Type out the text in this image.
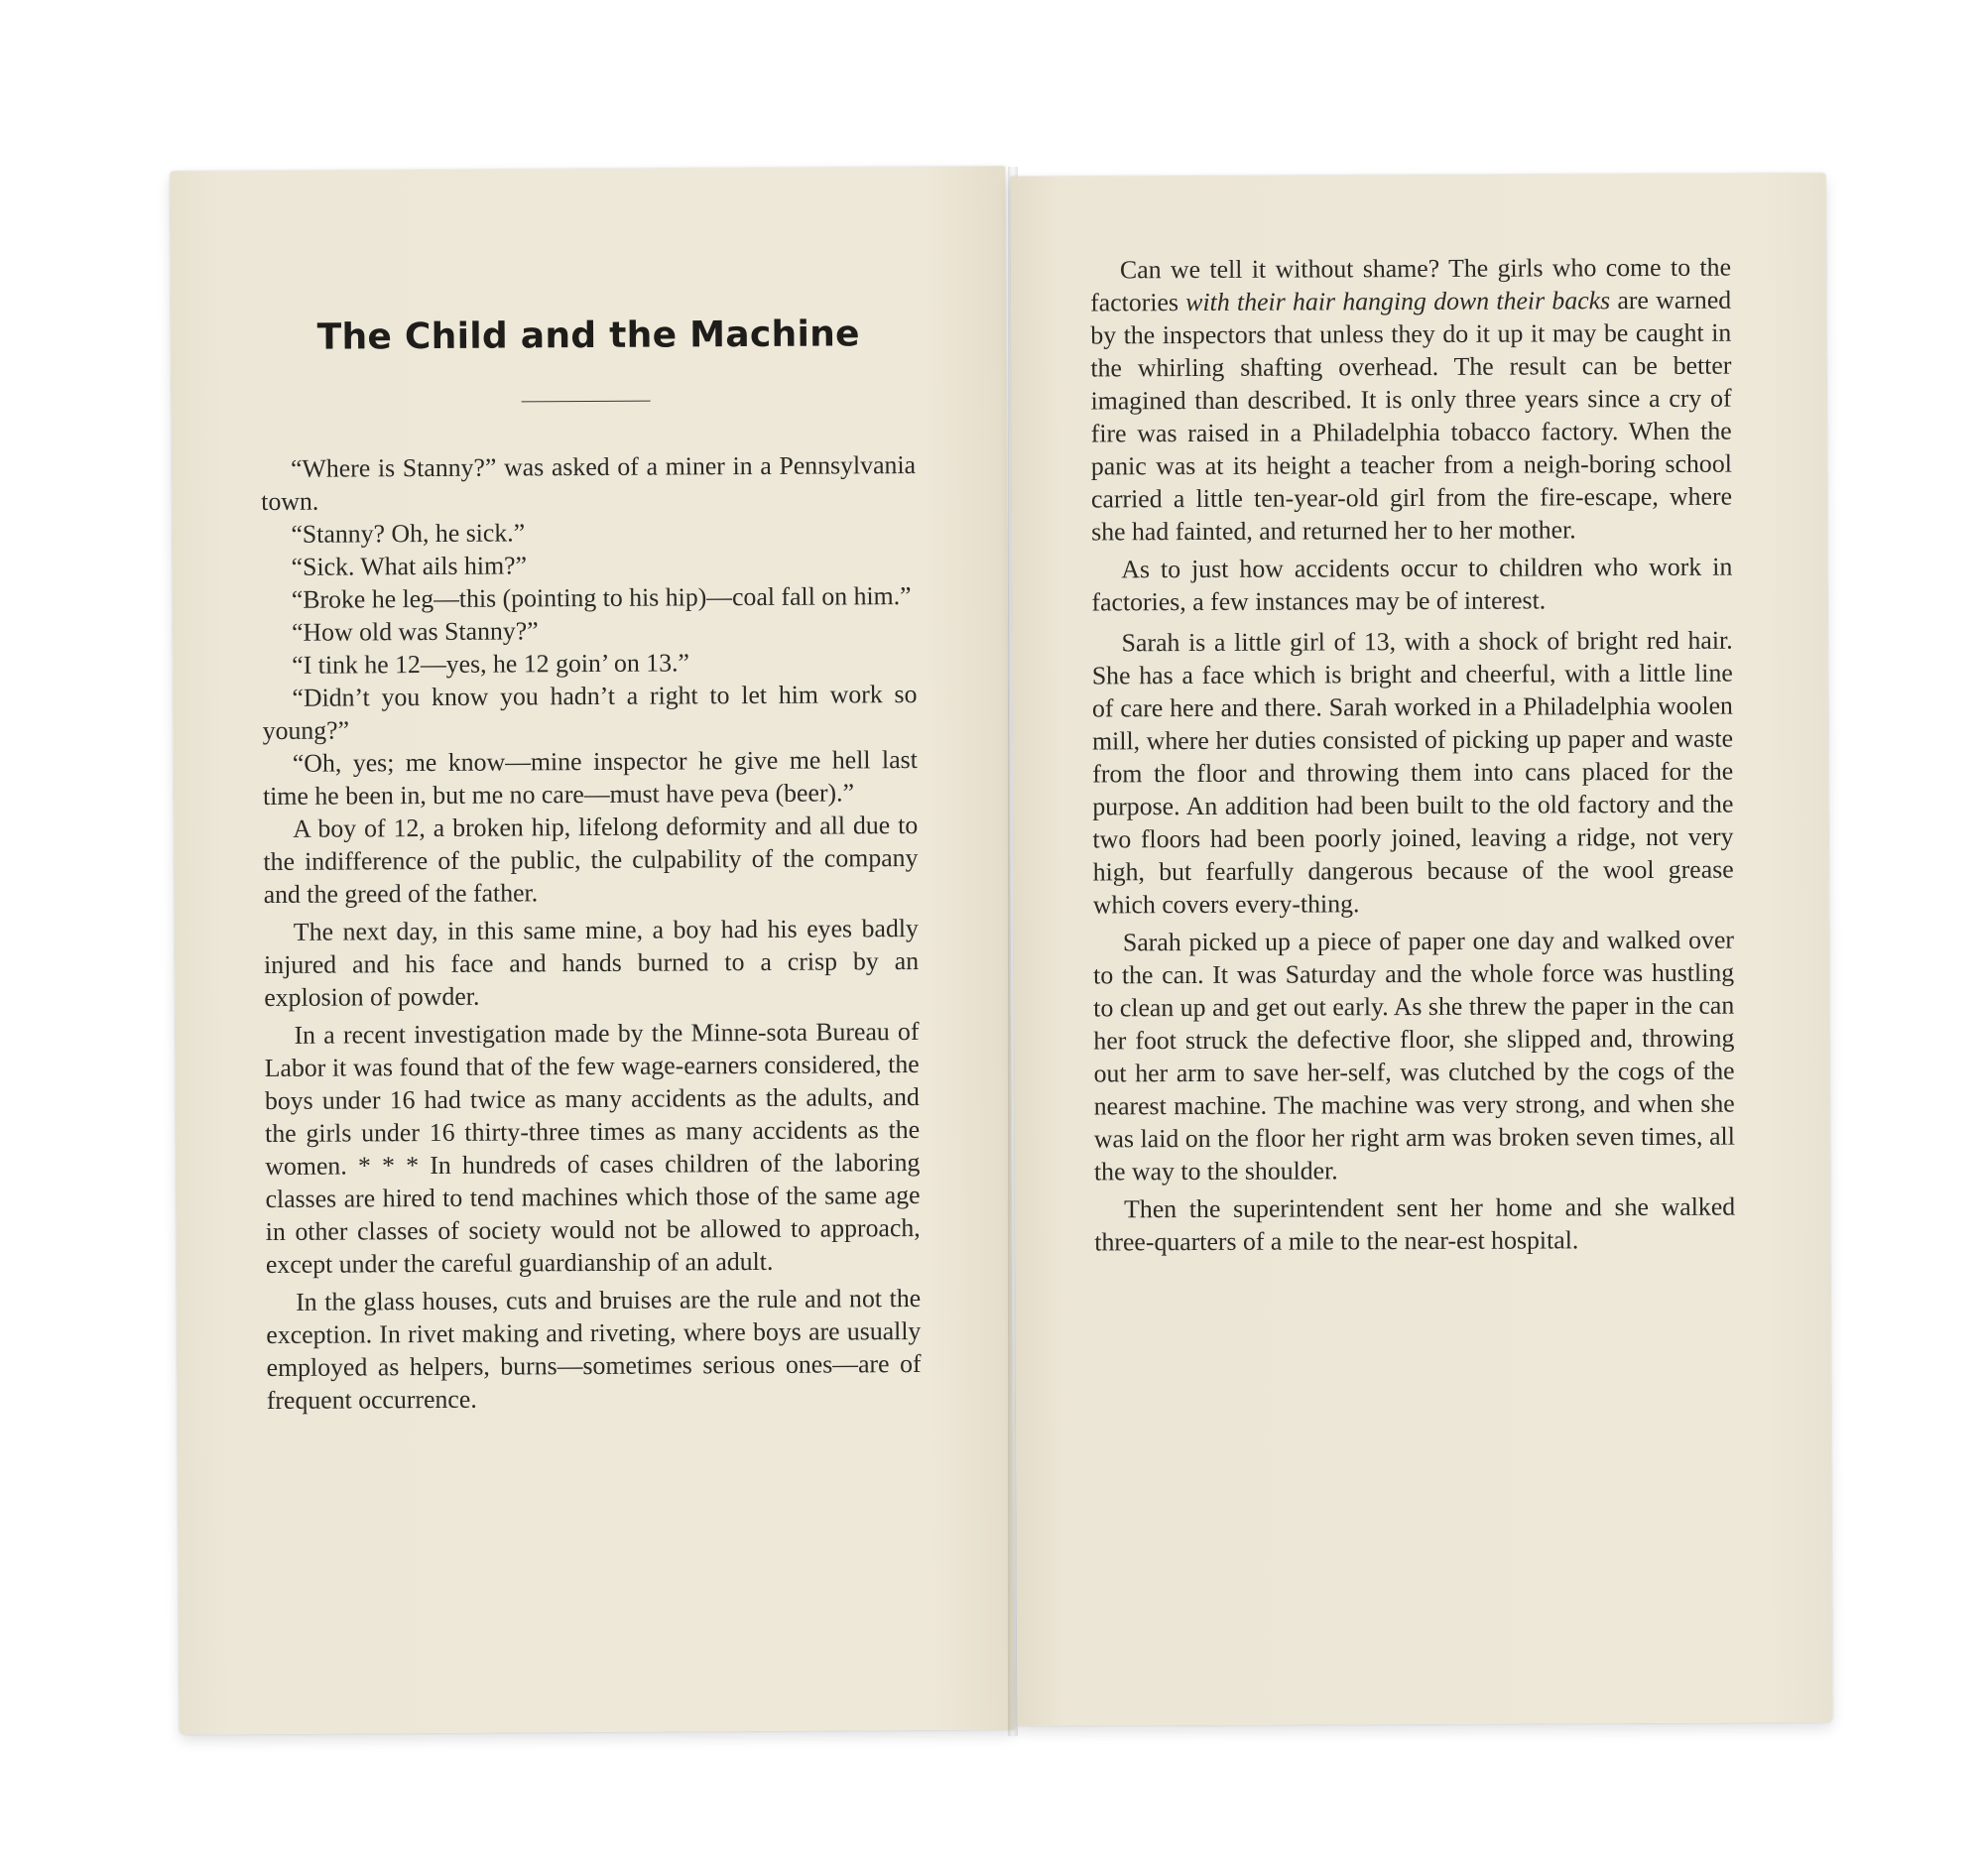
The Child and the Machine

“Where is Stanny?” was asked of a miner in a Pennsylvania town.

“Stanny? Oh, he sick.”

“Sick. What ails him?”

“Broke he leg—this (pointing to his hip)—coal fall on him.”

“How old was Stanny?”

“I tink he 12—yes, he 12 goin’ on 13.”

“Didn’t you know you hadn’t a right to let him work so young?”

“Oh, yes; me know—mine inspector he give me hell last time he been in, but me no care—must have peva (beer).”

A boy of 12, a broken hip, lifelong deformity and all due to the indifference of the public, the culpability of the company and the greed of the father.

The next day, in this same mine, a boy had his eyes badly injured and his face and hands burned to a crisp by an explosion of powder.

In a recent investigation made by the Minne-sota Bureau of Labor it was found that of the few wage-earners considered, the boys under 16 had twice as many accidents as the adults, and the girls under 16 thirty-three times as many accidents as the women. * * * In hundreds of cases children of the laboring classes are hired to tend machines which those of the same age in other classes of society would not be allowed to approach, except under the careful guardianship of an adult.

In the glass houses, cuts and bruises are the rule and not the exception. In rivet making and riveting, where boys are usually employed as helpers, burns—sometimes serious ones—are of frequent occurrence.

Can we tell it without shame? The girls who come to the factories with their hair hanging down their backs are warned by the inspectors that unless they do it up it may be caught in the whirling shafting overhead. The result can be better imagined than described. It is only three years since a cry of fire was raised in a Philadelphia tobacco factory. When the panic was at its height a teacher from a neigh-boring school carried a little ten-year-old girl from the fire-escape, where she had fainted, and returned her to her mother.

As to just how accidents occur to children who work in factories, a few instances may be of interest.

Sarah is a little girl of 13, with a shock of bright red hair. She has a face which is bright and cheerful, with a little line of care here and there. Sarah worked in a Philadelphia woolen mill, where her duties consisted of picking up paper and waste from the floor and throwing them into cans placed for the purpose. An addition had been built to the old factory and the two floors had been poorly joined, leaving a ridge, not very high, but fearfully dangerous because of the wool grease which covers every-thing.

Sarah picked up a piece of paper one day and walked over to the can. It was Saturday and the whole force was hustling to clean up and get out early. As she threw the paper in the can her foot struck the defective floor, she slipped and, throwing out her arm to save her-self, was clutched by the cogs of the nearest machine. The machine was very strong, and when she was laid on the floor her right arm was broken seven times, all the way to the shoulder.

Then the superintendent sent her home and she walked three-quarters of a mile to the near-est hospital.
